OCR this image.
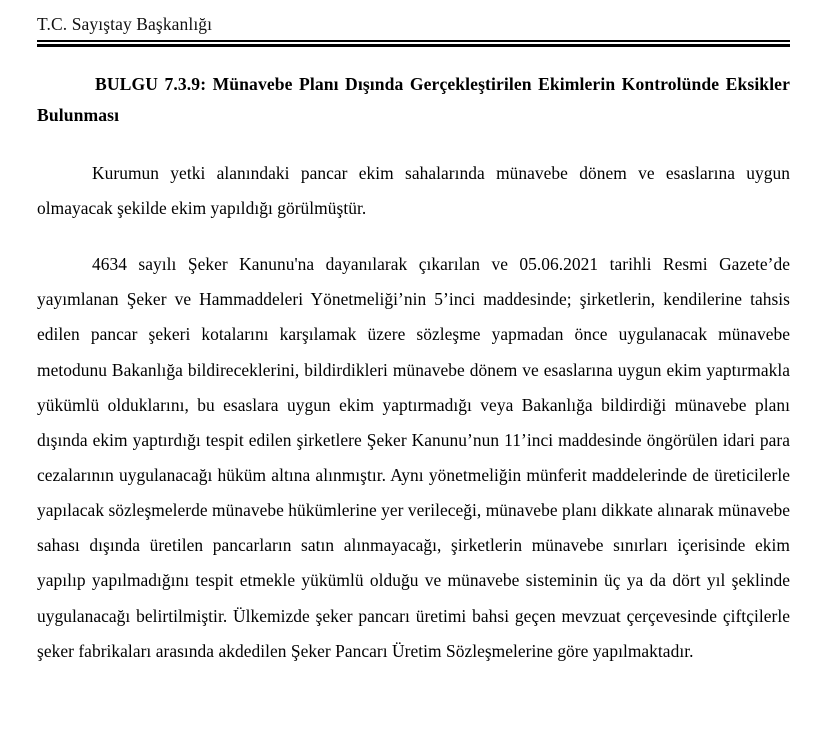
T.C. Sayıştay Başkanlığı

BULGU 7.3.9: Münavebe Planı Dışında Gerçekleştirilen Ekimlerin Kontrolünde Eksikler Bulunması

Kurumun yetki alanındaki pancar ekim sahalarında münavebe dönem ve esaslarına uygun olmayacak şekilde ekim yapıldığı görülmüştür.

4634 sayılı Şeker Kanunu'na dayanılarak çıkarılan ve 05.06.2021 tarihli Resmi Gazete’de yayımlanan Şeker ve Hammaddeleri Yönetmeliği’nin 5’inci maddesinde; şirketlerin, kendilerine tahsis edilen pancar şekeri kotalarını karşılamak üzere sözleşme yapmadan önce uygulanacak münavebe metodunu Bakanlığa bildireceklerini, bildirdikleri münavebe dönem ve esaslarına uygun ekim yaptırmakla yükümlü olduklarını, bu esaslara uygun ekim yaptırmadığı veya Bakanlığa bildirdiği münavebe planı dışında ekim yaptırdığı tespit edilen şirketlere Şeker Kanunu’nun 11’inci maddesinde öngörülen idari para cezalarının uygulanacağı hüküm altına alınmıştır. Aynı yönetmeliğin münferit maddelerinde de üreticilerle yapılacak sözleşmelerde münavebe hükümlerine yer verileceği, münavebe planı dikkate alınarak münavebe sahası dışında üretilen pancarların satın alınmayacağı, şirketlerin münavebe sınırları içerisinde ekim yapılıp yapılmadığını tespit etmekle yükümlü olduğu ve münavebe sisteminin üç ya da dört yıl şeklinde uygulanacağı belirtilmiştir. Ülkemizde şeker pancarı üretimi bahsi geçen mevzuat çerçevesinde çiftçilerle şeker fabrikaları arasında akdedilen Şeker Pancarı Üretim Sözleşmelerine göre yapılmaktadır.
